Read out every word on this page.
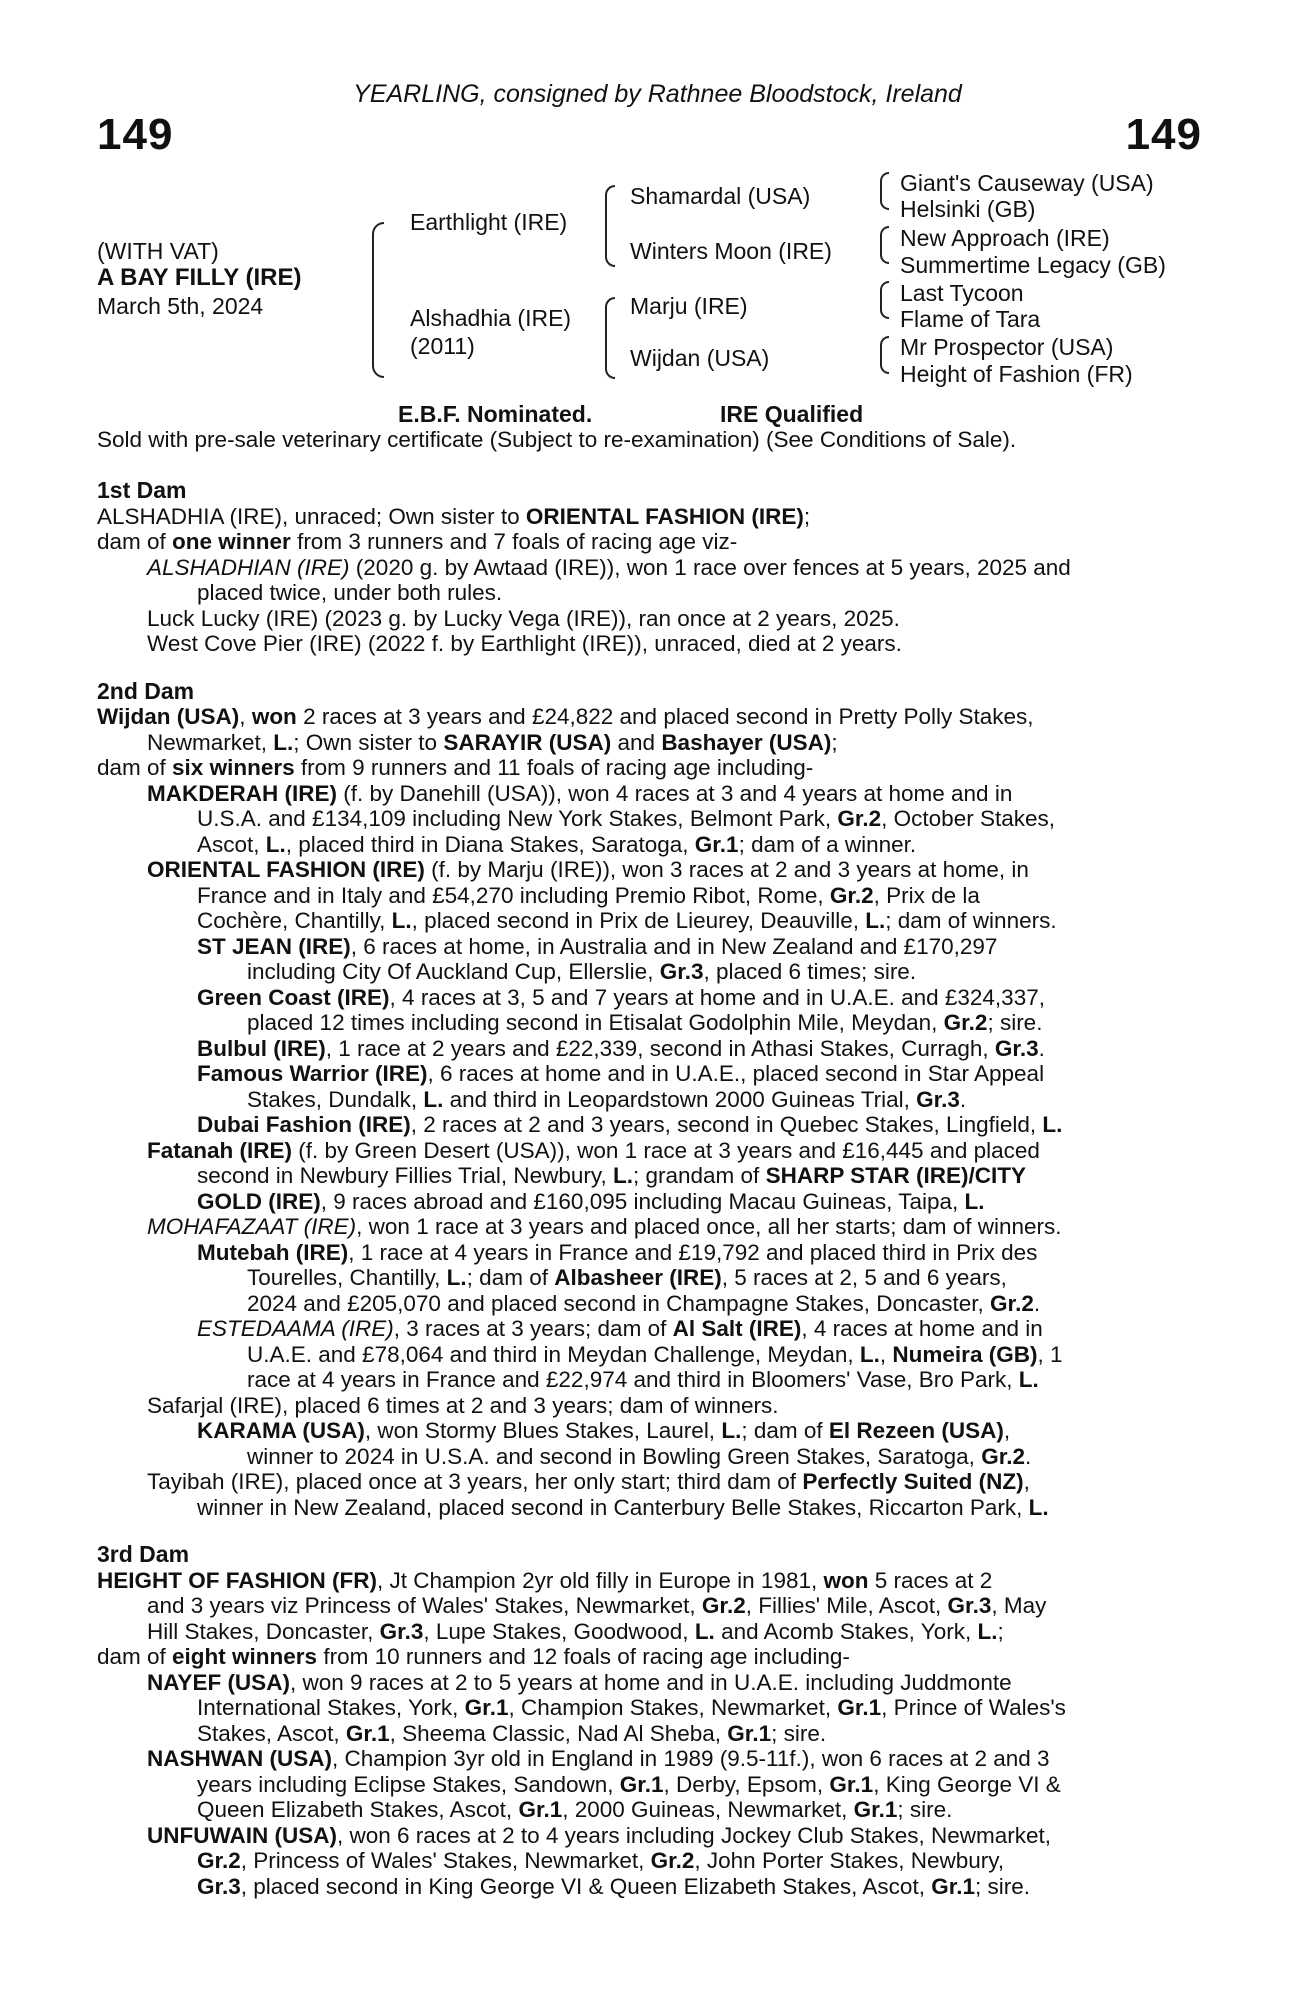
YEARLING, consigned by Rathnee Bloodstock, Ireland
149	149
(WITH VAT)
A BAY FILLY (IRE)
March 5th, 2024
Earthlight (IRE)
Alshadhia (IRE)
(2011)
Shamardal (USA)
Winters Moon (IRE)
Marju (IRE)
Wijdan (USA)
Giant's Causeway (USA)
Helsinki (GB)
New Approach (IRE)
Summertime Legacy (GB)
Last Tycoon
Flame of Tara
Mr Prospector (USA)
Height of Fashion (FR)
E.B.F. Nominated.	IRE Qualified
Sold with pre-sale veterinary certificate (Subject to re-examination) (See Conditions of Sale).
1st Dam
ALSHADHIA (IRE), unraced; Own sister to ORIENTAL FASHION (IRE);
dam of one winner from 3 runners and 7 foals of racing age viz-
ALSHADHIAN (IRE) (2020 g. by Awtaad (IRE)), won 1 race over fences at 5 years, 2025 and
placed twice, under both rules.
Luck Lucky (IRE) (2023 g. by Lucky Vega (IRE)), ran once at 2 years, 2025.
West Cove Pier (IRE) (2022 f. by Earthlight (IRE)), unraced, died at 2 years.
2nd Dam
Wijdan (USA), won 2 races at 3 years and £24,822 and placed second in Pretty Polly Stakes,
Newmarket, L.; Own sister to SARAYIR (USA) and Bashayer (USA);
dam of six winners from 9 runners and 11 foals of racing age including-
MAKDERAH (IRE) (f. by Danehill (USA)), won 4 races at 3 and 4 years at home and in
U.S.A. and £134,109 including New York Stakes, Belmont Park, Gr.2, October Stakes,
Ascot, L., placed third in Diana Stakes, Saratoga, Gr.1; dam of a winner.
ORIENTAL FASHION (IRE) (f. by Marju (IRE)), won 3 races at 2 and 3 years at home, in
France and in Italy and £54,270 including Premio Ribot, Rome, Gr.2, Prix de la
Cochère, Chantilly, L., placed second in Prix de Lieurey, Deauville, L.; dam of winners.
ST JEAN (IRE), 6 races at home, in Australia and in New Zealand and £170,297
including City Of Auckland Cup, Ellerslie, Gr.3, placed 6 times; sire.
Green Coast (IRE), 4 races at 3, 5 and 7 years at home and in U.A.E. and £324,337,
placed 12 times including second in Etisalat Godolphin Mile, Meydan, Gr.2; sire.
Bulbul (IRE), 1 race at 2 years and £22,339, second in Athasi Stakes, Curragh, Gr.3.
Famous Warrior (IRE), 6 races at home and in U.A.E., placed second in Star Appeal
Stakes, Dundalk, L. and third in Leopardstown 2000 Guineas Trial, Gr.3.
Dubai Fashion (IRE), 2 races at 2 and 3 years, second in Quebec Stakes, Lingfield, L.
Fatanah (IRE) (f. by Green Desert (USA)), won 1 race at 3 years and £16,445 and placed
second in Newbury Fillies Trial, Newbury, L.; grandam of SHARP STAR (IRE)/CITY
GOLD (IRE), 9 races abroad and £160,095 including Macau Guineas, Taipa, L.
MOHAFAZAAT (IRE), won 1 race at 3 years and placed once, all her starts; dam of winners.
Mutebah (IRE), 1 race at 4 years in France and £19,792 and placed third in Prix des
Tourelles, Chantilly, L.; dam of Albasheer (IRE), 5 races at 2, 5 and 6 years,
2024 and £205,070 and placed second in Champagne Stakes, Doncaster, Gr.2.
ESTEDAAMA (IRE), 3 races at 3 years; dam of Al Salt (IRE), 4 races at home and in
U.A.E. and £78,064 and third in Meydan Challenge, Meydan, L., Numeira (GB), 1
race at 4 years in France and £22,974 and third in Bloomers' Vase, Bro Park, L.
Safarjal (IRE), placed 6 times at 2 and 3 years; dam of winners.
KARAMA (USA), won Stormy Blues Stakes, Laurel, L.; dam of El Rezeen (USA),
winner to 2024 in U.S.A. and second in Bowling Green Stakes, Saratoga, Gr.2.
Tayibah (IRE), placed once at 3 years, her only start; third dam of Perfectly Suited (NZ),
winner in New Zealand, placed second in Canterbury Belle Stakes, Riccarton Park, L.
3rd Dam
HEIGHT OF FASHION (FR), Jt Champion 2yr old filly in Europe in 1981, won 5 races at 2
and 3 years viz Princess of Wales' Stakes, Newmarket, Gr.2, Fillies' Mile, Ascot, Gr.3, May
Hill Stakes, Doncaster, Gr.3, Lupe Stakes, Goodwood, L. and Acomb Stakes, York, L.;
dam of eight winners from 10 runners and 12 foals of racing age including-
NAYEF (USA), won 9 races at 2 to 5 years at home and in U.A.E. including Juddmonte
International Stakes, York, Gr.1, Champion Stakes, Newmarket, Gr.1, Prince of Wales's
Stakes, Ascot, Gr.1, Sheema Classic, Nad Al Sheba, Gr.1; sire.
NASHWAN (USA), Champion 3yr old in England in 1989 (9.5-11f.), won 6 races at 2 and 3
years including Eclipse Stakes, Sandown, Gr.1, Derby, Epsom, Gr.1, King George VI &
Queen Elizabeth Stakes, Ascot, Gr.1, 2000 Guineas, Newmarket, Gr.1; sire.
UNFUWAIN (USA), won 6 races at 2 to 4 years including Jockey Club Stakes, Newmarket,
Gr.2, Princess of Wales' Stakes, Newmarket, Gr.2, John Porter Stakes, Newbury,
Gr.3, placed second in King George VI & Queen Elizabeth Stakes, Ascot, Gr.1; sire.
